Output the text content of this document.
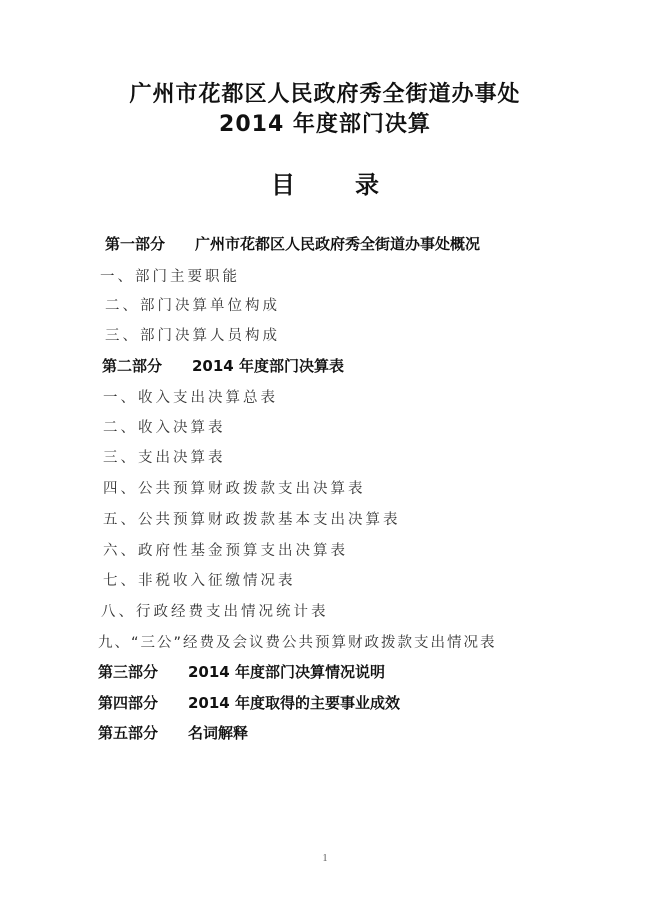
广州市花都区人民政府秀全街道办事处
2014 年度部门决算
目	录
第一部分 广州市花都区人民政府秀全街道办事处概况
一、部门主要职能
二、部门决算单位构成
三、部门决算人员构成
第二部分 2014 年度部门决算表
一、收入支出决算总表
二、收入决算表
三、支出决算表
四、公共预算财政拨款支出决算表
五、公共预算财政拨款基本支出决算表
六、政府性基金预算支出决算表
七、非税收入征缴情况表
八、行政经费支出情况统计表
九、“三公”经费及会议费公共预算财政拨款支出情况表
第三部分 2014 年度部门决算情况说明
第四部分 2014 年度取得的主要事业成效
第五部分 名词解释
1
